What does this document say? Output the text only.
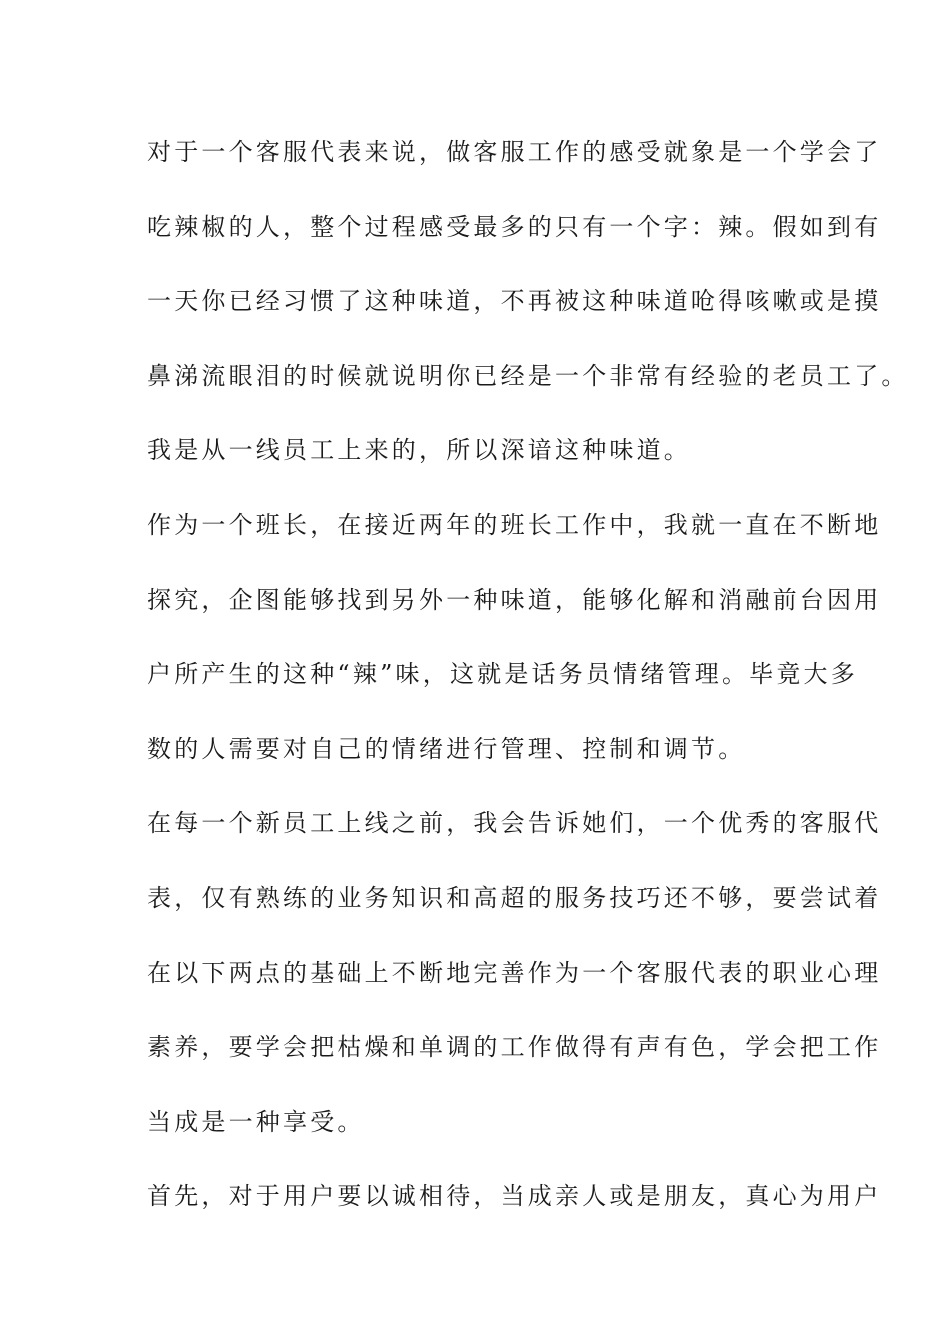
对于一个客服代表来说，做客服工作的感受就象是一个学会了
吃辣椒的人，整个过程感受最多的只有一个字：辣。假如到有
一天你已经习惯了这种味道，不再被这种味道呛得咳嗽或是摸
鼻涕流眼泪的时候就说明你已经是一个非常有经验的老员工了。
我是从一线员工上来的，所以深谙这种味道。
作为一个班长，在接近两年的班长工作中，我就一直在不断地
探究，企图能够找到另外一种味道，能够化解和消融前台因用
户所产生的这种“辣”味，这就是话务员情绪管理。毕竟大多
数的人需要对自己的情绪进行管理、控制和调节。
在每一个新员工上线之前，我会告诉她们，一个优秀的客服代
表，仅有熟练的业务知识和高超的服务技巧还不够，要尝试着
在以下两点的基础上不断地完善作为一个客服代表的职业心理
素养，要学会把枯燥和单调的工作做得有声有色，学会把工作
当成是一种享受。
首先，对于用户要以诚相待，当成亲人或是朋友，真心为用户
